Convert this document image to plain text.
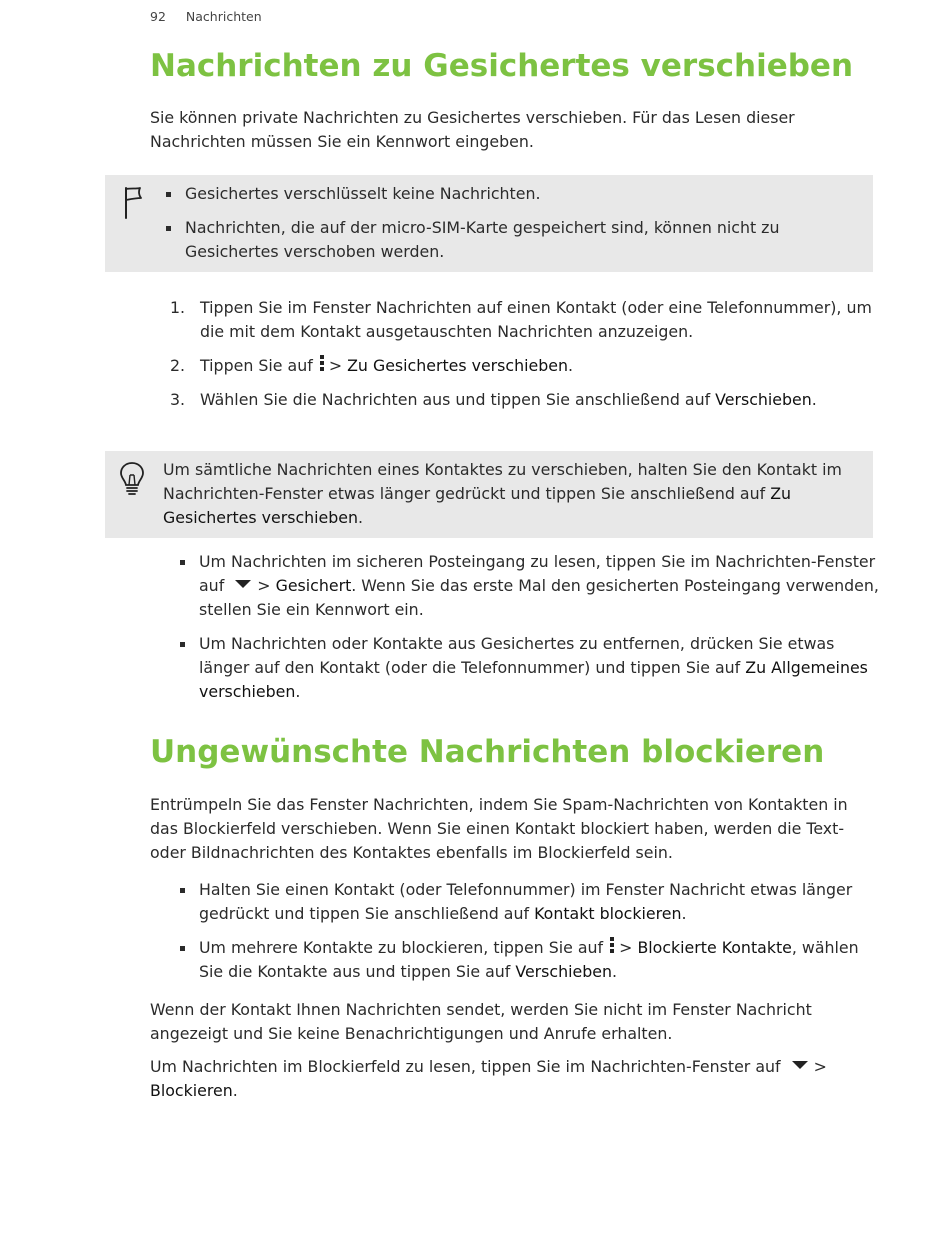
92 Nachrichten
Nachrichten zu Gesichertes verschieben

Sie können private Nachrichten zu Gesichertes verschieben. Für das Lesen dieser Nachrichten müssen Sie ein Kennwort eingeben.

Gesichertes verschlüsselt keine Nachrichten.
Nachrichten, die auf der micro-SIM-Karte gespeichert sind, können nicht zu Gesichertes verschoben werden.
1. Tippen Sie im Fenster Nachrichten auf einen Kontakt (oder eine Telefonnummer), um die mit dem Kontakt ausgetauschten Nachrichten anzuzeigen.
2. Tippen Sie auf > Zu Gesichertes verschieben.
3. Wählen Sie die Nachrichten aus und tippen Sie anschließend auf Verschieben.

Um sämtliche Nachrichten eines Kontaktes zu verschieben, halten Sie den Kontakt im Nachrichten-Fenster etwas länger gedrückt und tippen Sie anschließend auf Zu Gesichertes verschieben.

Um Nachrichten im sicheren Posteingang zu lesen, tippen Sie im Nachrichten-Fenster auf > Gesichert. Wenn Sie das erste Mal den gesicherten Posteingang verwenden, stellen Sie ein Kennwort ein.
Um Nachrichten oder Kontakte aus Gesichertes zu entfernen, drücken Sie etwas länger auf den Kontakt (oder die Telefonnummer) und tippen Sie auf Zu Allgemeines verschieben.
Ungewünschte Nachrichten blockieren

Entrümpeln Sie das Fenster Nachrichten, indem Sie Spam-Nachrichten von Kontakten in das Blockierfeld verschieben. Wenn Sie einen Kontakt blockiert haben, werden die Text- oder Bildnachrichten des Kontaktes ebenfalls im Blockierfeld sein.

Halten Sie einen Kontakt (oder Telefonnummer) im Fenster Nachricht etwas länger gedrückt und tippen Sie anschließend auf Kontakt blockieren.
Um mehrere Kontakte zu blockieren, tippen Sie auf > Blockierte Kontakte, wählen Sie die Kontakte aus und tippen Sie auf Verschieben.

Wenn der Kontakt Ihnen Nachrichten sendet, werden Sie nicht im Fenster Nachricht angezeigt und Sie keine Benachrichtigungen und Anrufe erhalten.

Um Nachrichten im Blockierfeld zu lesen, tippen Sie im Nachrichten-Fenster auf > Blockieren.
